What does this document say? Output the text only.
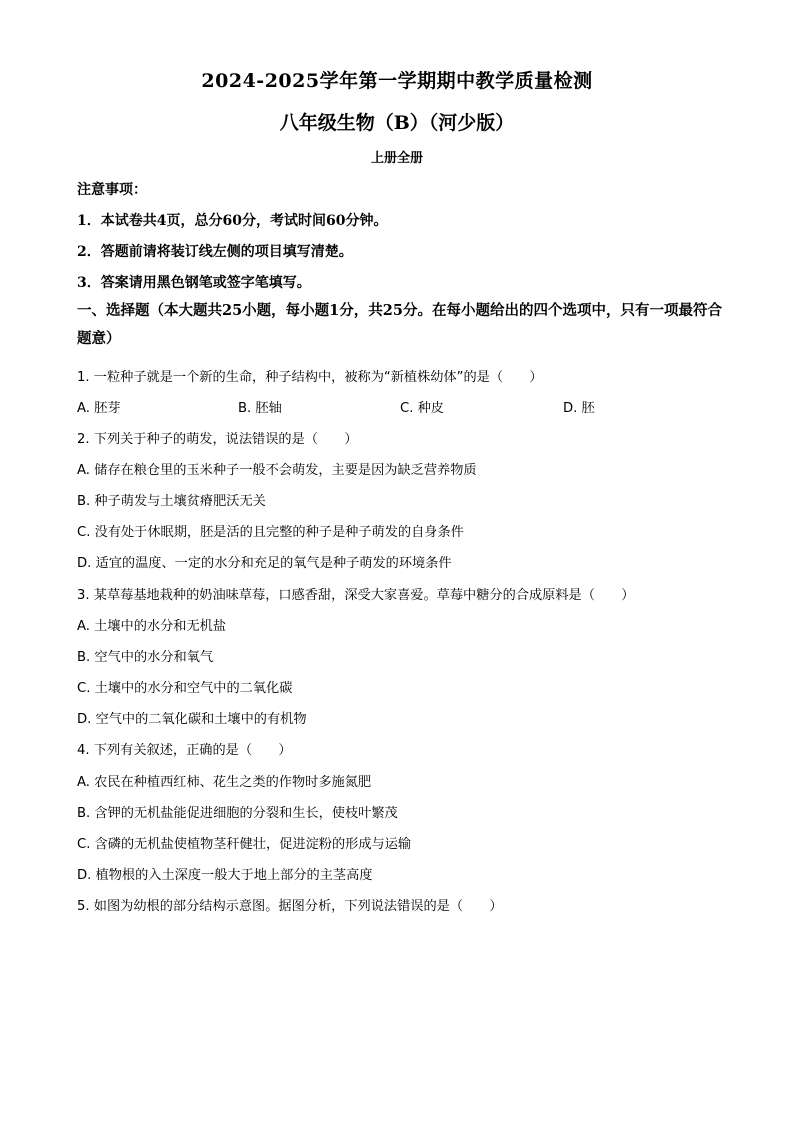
2024-2025学年第一学期期中教学质量检测
八年级生物（B）（河少版）
上册全册
注意事项：
1．本试卷共4页，总分60分，考试时间60分钟。
2．答题前请将装订线左侧的项目填写清楚。
3．答案请用黑色钢笔或签字笔填写。
一、选择题（本大题共25小题，每小题1分，共25分。在每小题给出的四个选项中，只有一项最符合题意）
1. 一粒种子就是一个新的生命，种子结构中，被称为“新植株幼体”的是（　　）
A. 胚芽	B. 胚轴	C. 种皮	D. 胚
2. 下列关于种子的萌发，说法错误的是（　　）
A. 储存在粮仓里的玉米种子一般不会萌发，主要是因为缺乏营养物质
B. 种子萌发与土壤贫瘠肥沃无关
C. 没有处于休眠期，胚是活的且完整的种子是种子萌发的自身条件
D. 适宜的温度、一定的水分和充足的氧气是种子萌发的环境条件
3. 某草莓基地栽种的奶油味草莓，口感香甜，深受大家喜爱。草莓中糖分的合成原料是（　　）
A. 土壤中的水分和无机盐
B. 空气中的水分和氧气
C. 土壤中的水分和空气中的二氧化碳
D. 空气中的二氧化碳和土壤中的有机物
4. 下列有关叙述，正确的是（　　）
A. 农民在种植西红柿、花生之类的作物时多施氮肥
B. 含钾的无机盐能促进细胞的分裂和生长，使枝叶繁茂
C. 含磷的无机盐使植物茎秆健壮，促进淀粉的形成与运输
D. 植物根的入土深度一般大于地上部分的主茎高度
5. 如图为幼根的部分结构示意图。据图分析，下列说法错误的是（　　）
